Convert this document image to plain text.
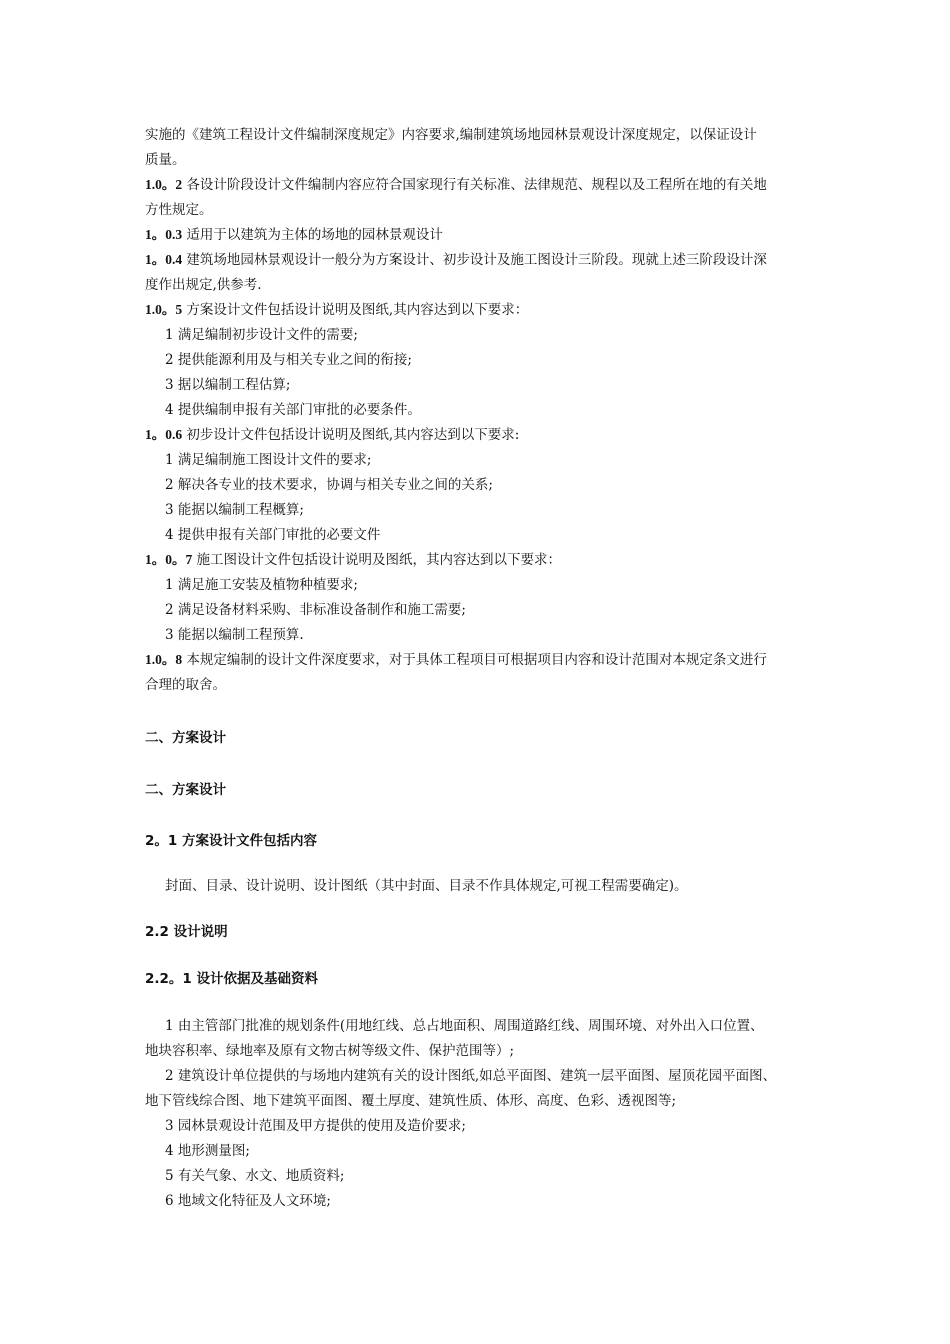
实施的《建筑工程设计文件编制深度规定》内容要求,编制建筑场地园林景观设计深度规定，以保证设计
质量。
1.0。2 各设计阶段设计文件编制内容应符合国家现行有关标准、法律规范、规程以及工程所在地的有关地
方性规定。
1。0.3 适用于以建筑为主体的场地的园林景观设计
1。0.4 建筑场地园林景观设计一般分为方案设计、初步设计及施工图设计三阶段。现就上述三阶段设计深
度作出规定,供参考.
1.0。5 方案设计文件包括设计说明及图纸,其内容达到以下要求：
1 满足编制初步设计文件的需要;
2 提供能源利用及与相关专业之间的衔接;
3 据以编制工程估算;
4 提供编制申报有关部门审批的必要条件。
1。0.6 初步设计文件包括设计说明及图纸,其内容达到以下要求:
1 满足编制施工图设计文件的要求;
2 解决各专业的技术要求，协调与相关专业之间的关系;
3 能据以编制工程概算;
4 提供申报有关部门审批的必要文件
1。0。7 施工图设计文件包括设计说明及图纸，其内容达到以下要求：
1 满足施工安装及植物种植要求;
2 满足设备材料采购、非标准设备制作和施工需要;
3 能据以编制工程预算.
1.0。8 本规定编制的设计文件深度要求，对于具体工程项目可根据项目内容和设计范围对本规定条文进行
合理的取舍。
二、方案设计
二、方案设计
2。1 方案设计文件包括内容
封面、目录、设计说明、设计图纸（其中封面、目录不作具体规定,可视工程需要确定)。
2.2 设计说明
2.2。1 设计依据及基础资料
1 由主管部门批准的规划条件(用地红线、总占地面积、周围道路红线、周围环境、对外出入口位置、
地块容积率、绿地率及原有文物古树等级文件、保护范围等）;
2 建筑设计单位提供的与场地内建筑有关的设计图纸,如总平面图、建筑一层平面图、屋顶花园平面图、
地下管线综合图、地下建筑平面图、覆土厚度、建筑性质、体形、高度、色彩、透视图等;
3 园林景观设计范围及甲方提供的使用及造价要求;
4 地形测量图;
5 有关气象、水文、地质资料;
6 地域文化特征及人文环境;
